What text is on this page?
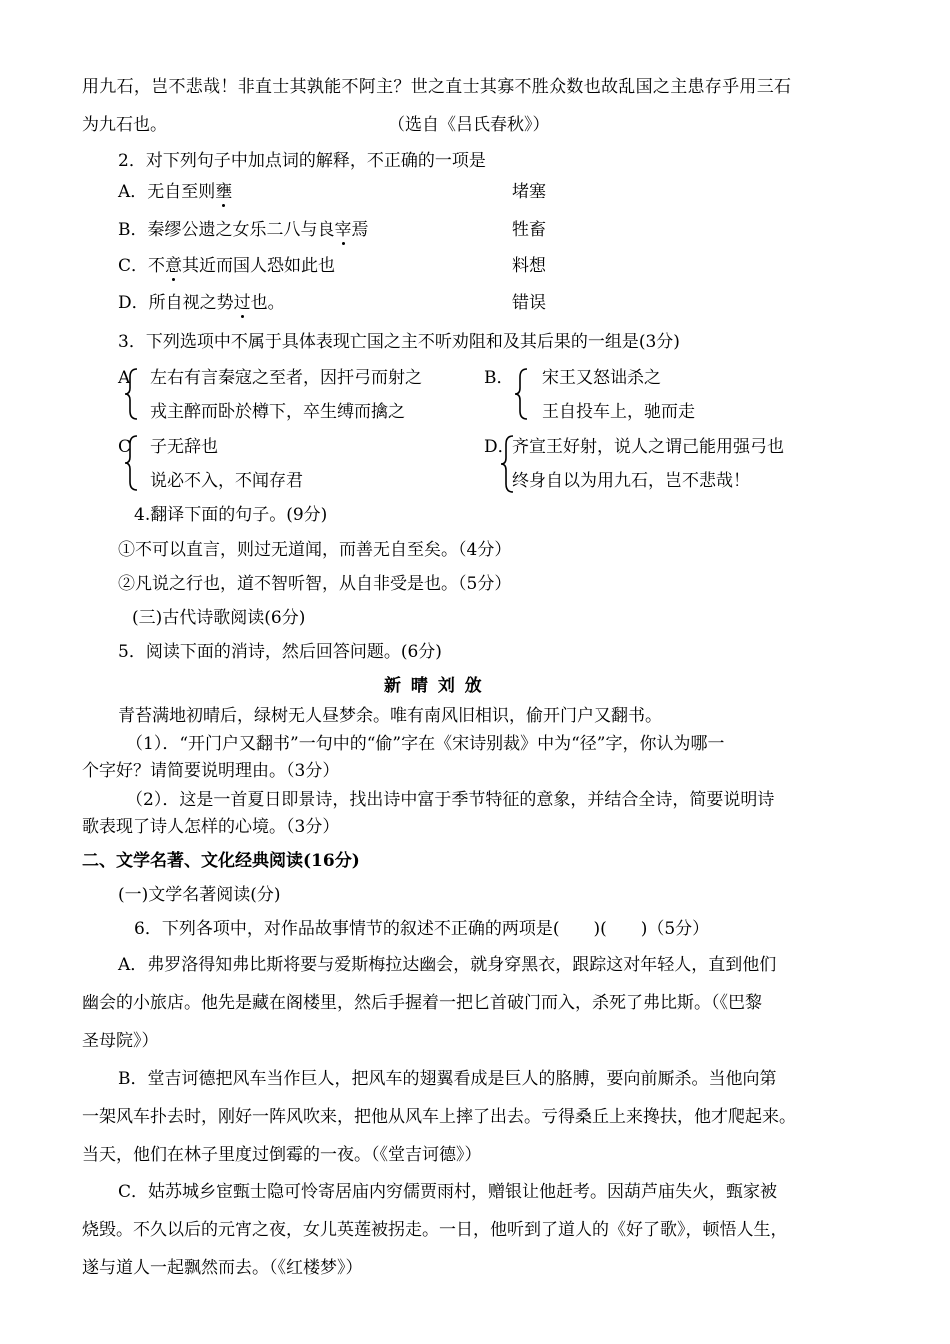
用九石，岂不悲哉！非直士其孰能不阿主？世之直士其寡不胜众数也故乱国之主患存乎用三石

为九石也。	（选自《吕氏春秋》）

2．对下列句子中加点词的解释，不正确的一项是

A．无自至则壅	堵塞

B．秦缪公遗之女乐二八与良宰焉	牲畜

C．不意其近而国人恐如此也	料想

D．所自视之势过也。	错误

3．下列选项中不属于具体表现亡国之主不听劝阻和及其后果的一组是(3分)

A 左右有言秦寇之至者，因扞弓而射之

戎主醉而卧於樽下，卒生缚而擒之

B． 宋王又怒诎杀之

王自投车上，驰而走

C 子无辞也

说必不入，不闻存君

D．

齐宣王好射，说人之谓己能用强弓也

终身自以为用九石，岂不悲哉！

4.翻译下面的句子。(9分)

①不可以直言，则过无道闻，而善无自至矣。（4分）

②凡说之行也，道不智听智，从自非受是也。（5分）

(三)古代诗歌阅读(6分)

5．阅读下面的消诗，然后回答问题。(6分)

新 晴 刘 攽

青苔满地初晴后，绿树无人昼梦余。唯有南风旧相识，偷开门户又翻书。

（1）．“开门户又翻书”一句中的“偷”字在《宋诗别裁》中为“径”字，你认为哪一

个字好？请简要说明理由。（3分）

（2）．这是一首夏日即景诗，找出诗中富于季节特征的意象，并结合全诗，简要说明诗

歌表现了诗人怎样的心境。（3分）

二、文学名著、文化经典阅读(16分)

(一)文学名著阅读(分)

6．下列各项中，对作品故事情节的叙述不正确的两项是(　　)(　　)（5分）

A．弗罗洛得知弗比斯将要与爱斯梅拉达幽会，就身穿黑衣，跟踪这对年轻人，直到他们

幽会的小旅店。他先是藏在阁楼里，然后手握着一把匕首破门而入，杀死了弗比斯。（《巴黎

圣母院》）

B．堂吉诃德把风车当作巨人，把风车的翅翼看成是巨人的胳膊，要向前厮杀。当他向第

一架风车扑去时，刚好一阵风吹来，把他从风车上摔了出去。亏得桑丘上来搀扶，他才爬起来。

当天，他们在林子里度过倒霉的一夜。（《堂吉诃德》）

C．姑苏城乡宦甄士隐可怜寄居庙内穷儒贾雨村，赠银让他赶考。因葫芦庙失火，甄家被

烧毁。不久以后的元宵之夜，女儿英莲被拐走。一日，他听到了道人的《好了歌》，顿悟人生，

遂与道人一起飘然而去。（《红楼梦》）
